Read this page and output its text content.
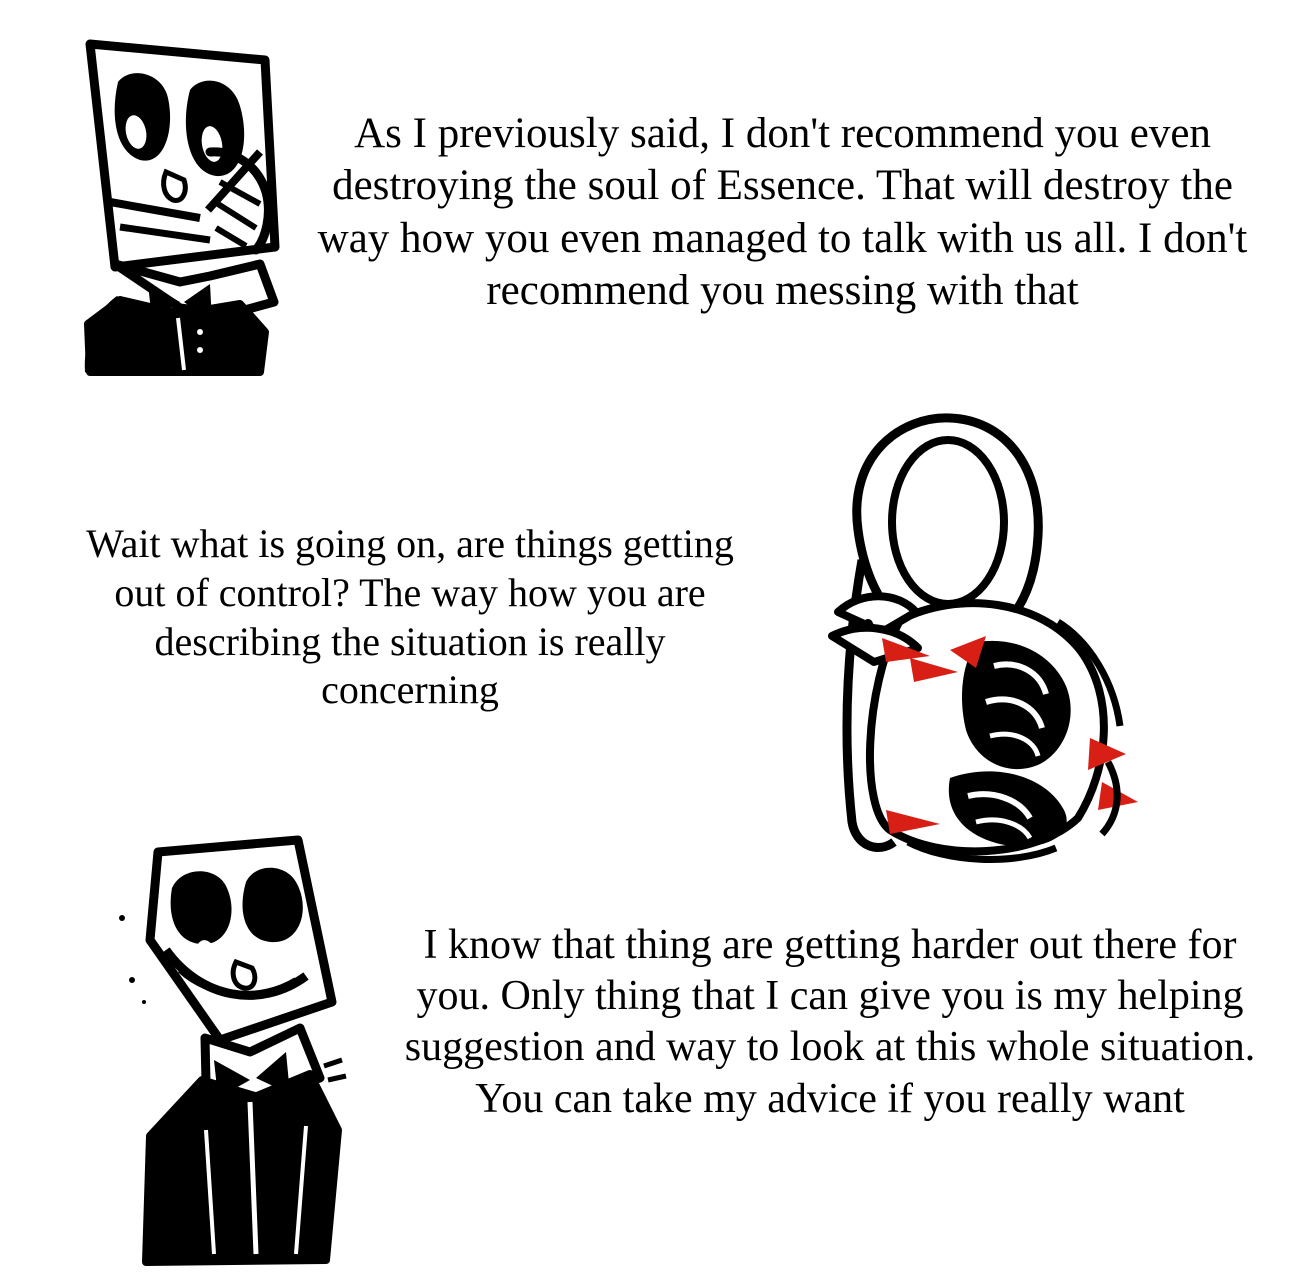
As I previously said, I don't recommend you even destroying the soul of Essence. That will destroy the way how you even managed to talk with us all. I don't recommend you messing with that
Wait what is going on, are things getting out of control? The way how you are describing the situation is really concerning
I know that thing are getting harder out there for you. Only thing that I can give you is my helping suggestion and way to look at this whole situation. You can take my advice if you really want
